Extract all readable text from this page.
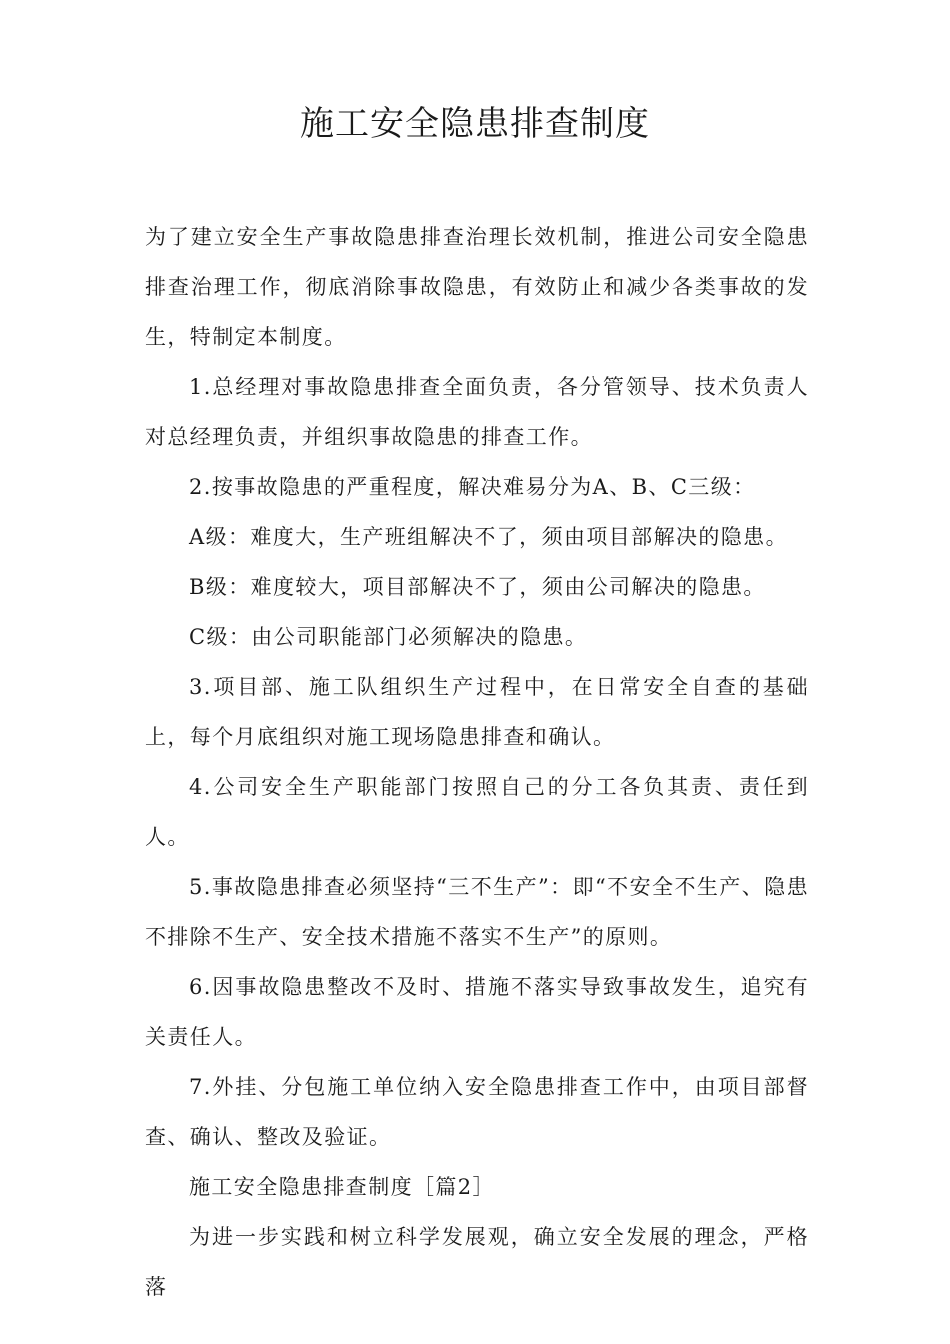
施工安全隐患排查制度

为了建立安全生产事故隐患排查治理长效机制，推进公司安全隐患排查治理工作，彻底消除事故隐患，有效防止和减少各类事故的发生，特制定本制度。

1.总经理对事故隐患排查全面负责，各分管领导、技术负责人对总经理负责，并组织事故隐患的排查工作。

2.按事故隐患的严重程度，解决难易分为A、B、C三级：

A级：难度大，生产班组解决不了，须由项目部解决的隐患。

B级：难度较大，项目部解决不了，须由公司解决的隐患。

C级：由公司职能部门必须解决的隐患。

3.项目部、施工队组织生产过程中，在日常安全自查的基础上，每个月底组织对施工现场隐患排查和确认。

4.公司安全生产职能部门按照自己的分工各负其责、责任到人。

5.事故隐患排查必须坚持“三不生产”：即“不安全不生产、隐患不排除不生产、安全技术措施不落实不生产”的原则。

6.因事故隐患整改不及时、措施不落实导致事故发生，追究有关责任人。

7.外挂、分包施工单位纳入安全隐患排查工作中，由项目部督查、确认、整改及验证。

施工安全隐患排查制度［篇2］

为进一步实践和树立科学发展观，确立安全发展的理念，严格落
